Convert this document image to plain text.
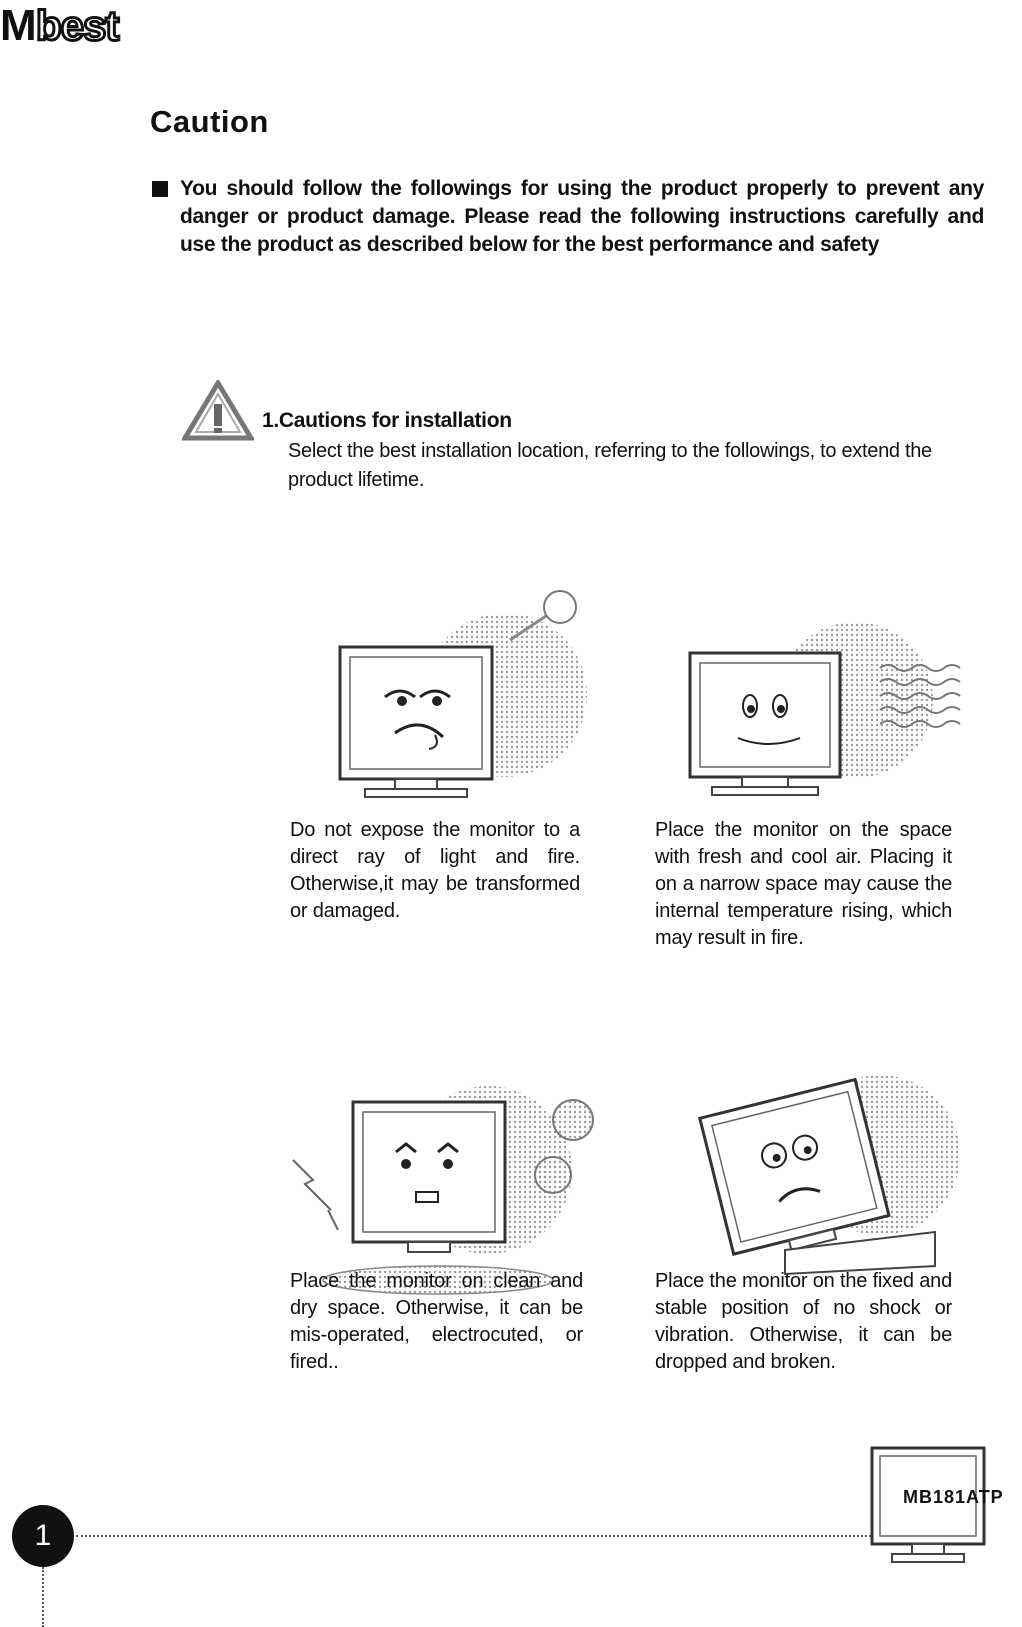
M best
Caution
You should follow the followings for using the product properly to prevent any danger or product damage. Please read the following instructions carefully and use the product as described below for the best performance and safety
1.Cautions for installation
Select the best installation location, referring to the followings, to extend the product lifetime.
Do not expose the monitor to a direct ray of light and fire. Otherwise,it may be transformed or damaged.
Place the monitor on the space with fresh and cool air. Placing it on a narrow space may cause the internal temperature rising, which may result in fire.
Place the monitor on clean and dry space. Otherwise, it can be mis-operated, electrocuted, or fired..
Place the monitor on the fixed and stable position of no shock or vibration. Otherwise, it can be dropped and broken.
1
MB181ATP
